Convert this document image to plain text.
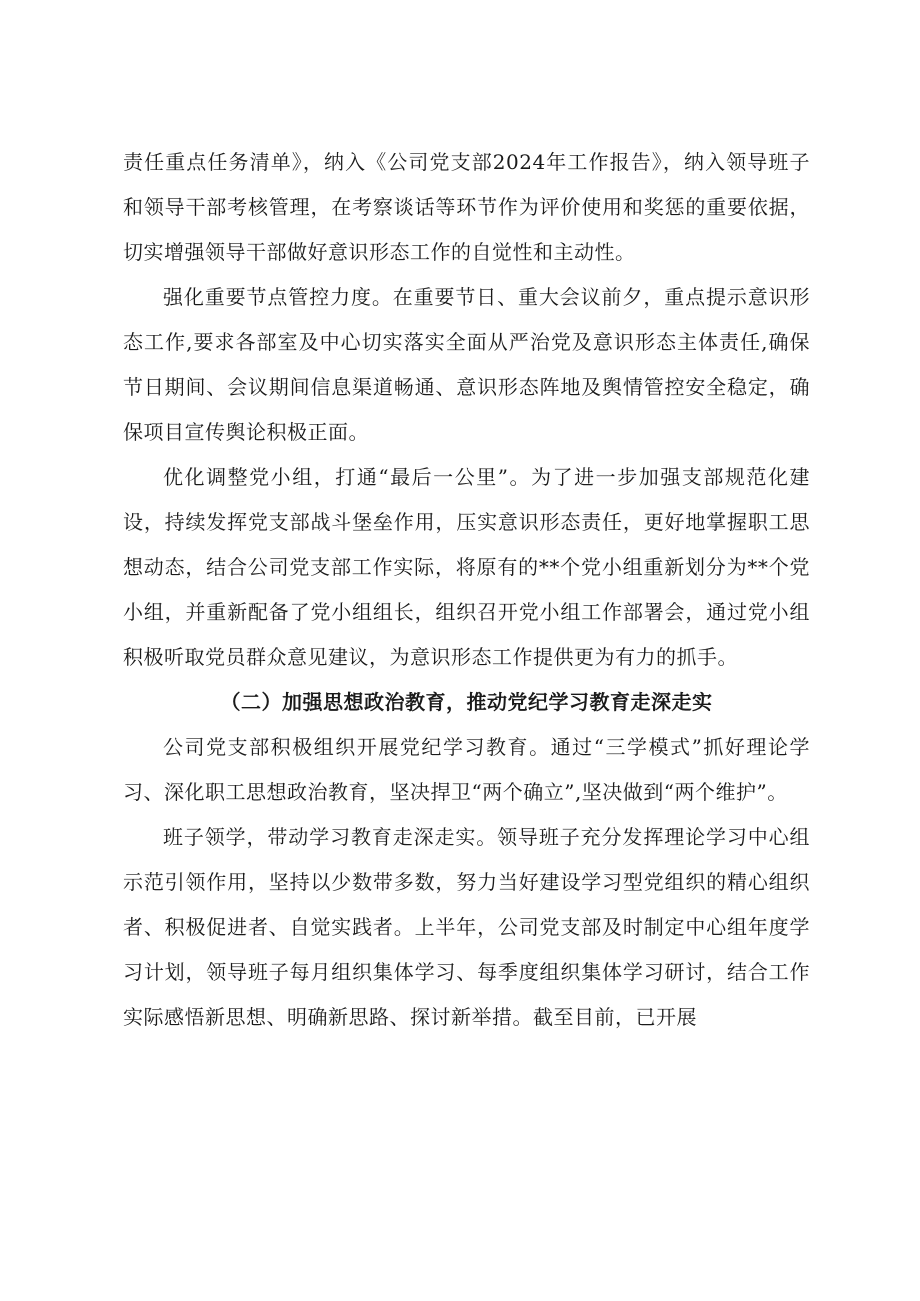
责任重点任务清单》，纳入《公司党支部2024年工作报告》，纳入领导班子和领导干部考核管理，在考察谈话等环节作为评价使用和奖惩的重要依据，切实增强领导干部做好意识形态工作的自觉性和主动性。

强化重要节点管控力度。在重要节日、重大会议前夕，重点提示意识形态工作,要求各部室及中心切实落实全面从严治党及意识形态主体责任,确保节日期间、会议期间信息渠道畅通、意识形态阵地及舆情管控安全稳定，确保项目宣传舆论积极正面。

优化调整党小组，打通“最后一公里”。为了进一步加强支部规范化建设，持续发挥党支部战斗堡垒作用，压实意识形态责任，更好地掌握职工思想动态，结合公司党支部工作实际，将原有的**个党小组重新划分为**个党小组，并重新配备了党小组组长，组织召开党小组工作部署会，通过党小组积极听取党员群众意见建议，为意识形态工作提供更为有力的抓手。

（二）加强思想政治教育，推动党纪学习教育走深走实

公司党支部积极组织开展党纪学习教育。通过“三学模式”抓好理论学习、深化职工思想政治教育，坚决捍卫“两个确立”,坚决做到“两个维护”。

班子领学，带动学习教育走深走实。领导班子充分发挥理论学习中心组示范引领作用，坚持以少数带多数，努力当好建设学习型党组织的精心组织者、积极促进者、自觉实践者。上半年，公司党支部及时制定中心组年度学习计划，领导班子每月组织集体学习、每季度组织集体学习研讨，结合工作实际感悟新思想、明确新思路、探讨新举措。截至目前，已开展
